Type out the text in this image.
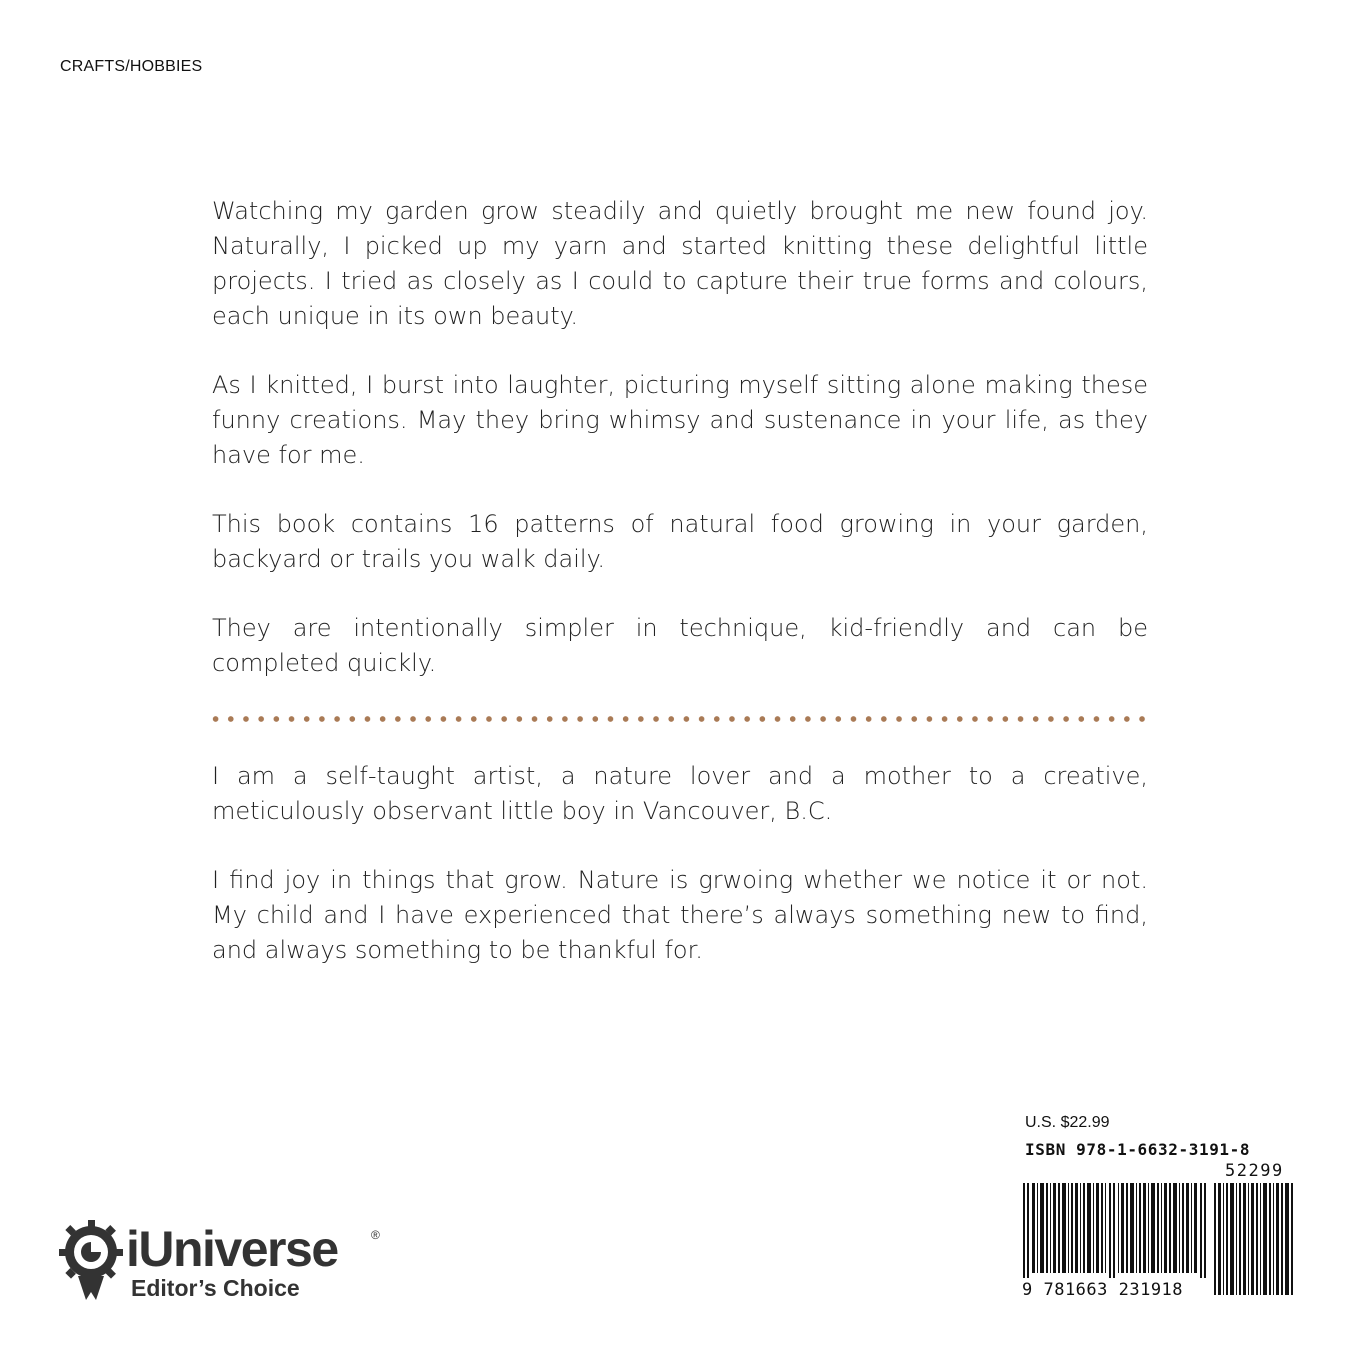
CRAFTS/HOBBIES

Watching my garden grow steadily and quietly brought me new found joy. Naturally, I picked up my yarn and started knitting these delightful little projects. I tried as closely as I could to capture their true forms and colours, each unique in its own beauty.

As I knitted, I burst into laughter, picturing myself sitting alone making these funny creations. May they bring whimsy and sustenance in your life, as they have for me.

This book contains 16 patterns of natural food growing in your garden, backyard or trails you walk daily.

They are intentionally simpler in technique, kid-friendly and can be completed quickly.

I am a self-taught artist, a nature lover and a mother to a creative, meticulously observant little boy in Vancouver, B.C.

I find joy in things that grow. Nature is grwoing whether we notice it or not. My child and I have experienced that there’s always something new to find, and always something to be thankful for.

U.S. $22.99
ISBN 978-1-6632-3191-8
52299
9 781663 231918
iUniverse	®
Editor’s Choice
